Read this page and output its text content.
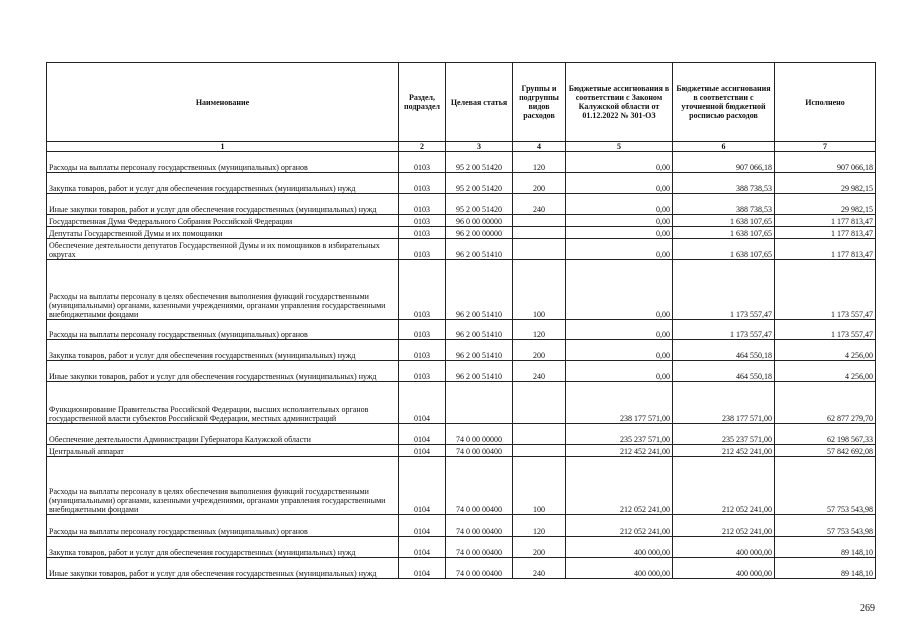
Наименование	Раздел, подраздел	Целевая статья	Группы и подгруппы видов расходов	Бюджетные ассигнования в соответствии с Законом Калужской области от 01.12.2022 № 301-ОЗ	Бюджетные ассигнования в соответствии с уточненной бюджетной росписью расходов	Исполнено
1	2	3	4	5	6	7
Расходы на выплаты персоналу государственных (муниципальных) органов	0103	95 2 00 51420	120	0,00	907 066,18	907 066,18
Закупка товаров, работ и услуг для обеспечения государственных (муниципальных) нужд	0103	95 2 00 51420	200	0,00	388 738,53	29 982,15
Иные закупки товаров, работ и услуг для обеспечения государственных (муниципальных) нужд	0103	95 2 00 51420	240	0,00	388 738,53	29 982,15
Государственная Дума Федерального Собрания Российской Федерации	0103	96 0 00 00000		0,00	1 638 107,65	1 177 813,47
Депутаты Государственной Думы и их помощники	0103	96 2 00 00000		0,00	1 638 107,65	1 177 813,47
Обеспечение деятельности депутатов Государственной Думы и их помощников в избирательных округах	0103	96 2 00 51410		0,00	1 638 107,65	1 177 813,47
Расходы на выплаты персоналу в целях обеспечения выполнения функций государственными (муниципальными) органами, казенными учреждениями, органами управления государственными внебюджетными фондами	0103	96 2 00 51410	100	0,00	1 173 557,47	1 173 557,47
Расходы на выплаты персоналу государственных (муниципальных) органов	0103	96 2 00 51410	120	0,00	1 173 557,47	1 173 557,47
Закупка товаров, работ и услуг для обеспечения государственных (муниципальных) нужд	0103	96 2 00 51410	200	0,00	464 550,18	4 256,00
Иные закупки товаров, работ и услуг для обеспечения государственных (муниципальных) нужд	0103	96 2 00 51410	240	0,00	464 550,18	4 256,00
Функционирование Правительства Российской Федерации, высших исполнительных органов государственной власти субъектов Российской Федерации, местных администраций	0104			238 177 571,00	238 177 571,00	62 877 279,70
Обеспечение деятельности Администрации Губернатора Калужской области	0104	74 0 00 00000		235 237 571,00	235 237 571,00	62 198 567,33
Центральный аппарат	0104	74 0 00 00400		212 452 241,00	212 452 241,00	57 842 692,08
Расходы на выплаты персоналу в целях обеспечения выполнения функций государственными (муниципальными) органами, казенными учреждениями, органами управления государственными внебюджетными фондами	0104	74 0 00 00400	100	212 052 241,00	212 052 241,00	57 753 543,98
Расходы на выплаты персоналу государственных (муниципальных) органов	0104	74 0 00 00400	120	212 052 241,00	212 052 241,00	57 753 543,98
Закупка товаров, работ и услуг для обеспечения государственных (муниципальных) нужд	0104	74 0 00 00400	200	400 000,00	400 000,00	89 148,10
Иные закупки товаров, работ и услуг для обеспечения государственных (муниципальных) нужд	0104	74 0 00 00400	240	400 000,00	400 000,00	89 148,10
269
